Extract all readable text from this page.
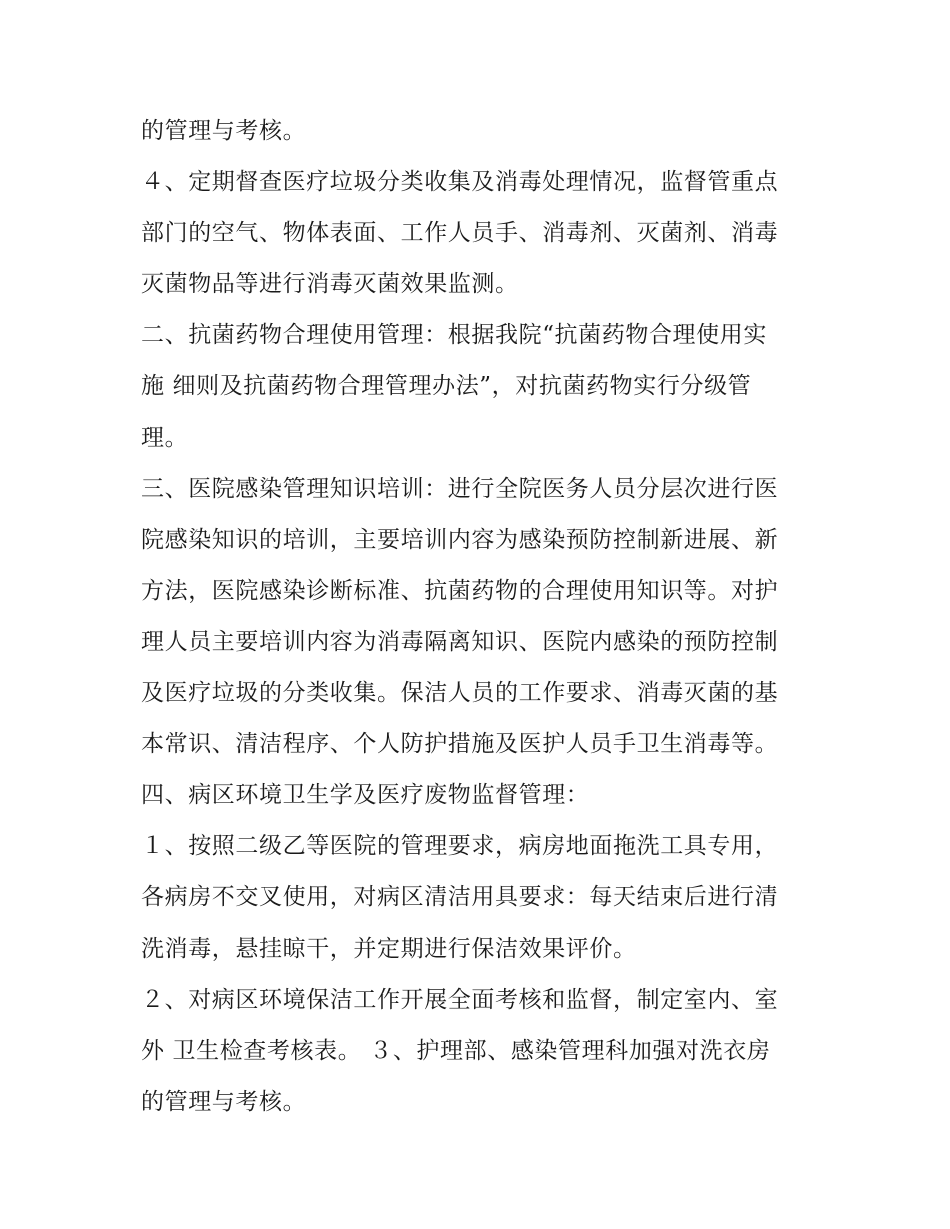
的管理与考核。
４、定期督查医疗垃圾分类收集及消毒处理情况，监督管重点
部门的空气、物体表面、工作人员手、消毒剂、灭菌剂、消毒
灭菌物品等进行消毒灭菌效果监测。
二、抗菌药物合理使用管理：根据我院“抗菌药物合理使用实
施 细则及抗菌药物合理管理办法”，对抗菌药物实行分级管
理。
三、医院感染管理知识培训：进行全院医务人员分层次进行医
院感染知识的培训，主要培训内容为感染预防控制新进展、新
方法，医院感染诊断标准、抗菌药物的合理使用知识等。对护
理人员主要培训内容为消毒隔离知识、医院内感染的预防控制
及医疗垃圾的分类收集。保洁人员的工作要求、消毒灭菌的基
本常识、清洁程序、个人防护措施及医护人员手卫生消毒等。
四、病区环境卫生学及医疗废物监督管理：
１、按照二级乙等医院的管理要求，病房地面拖洗工具专用，
各病房不交叉使用，对病区清洁用具要求：每天结束后进行清
洗消毒，悬挂晾干，并定期进行保洁效果评价。
２、对病区环境保洁工作开展全面考核和监督，制定室内、室
外 卫生检查考核表。 ３、护理部、感染管理科加强对洗衣房
的管理与考核。
